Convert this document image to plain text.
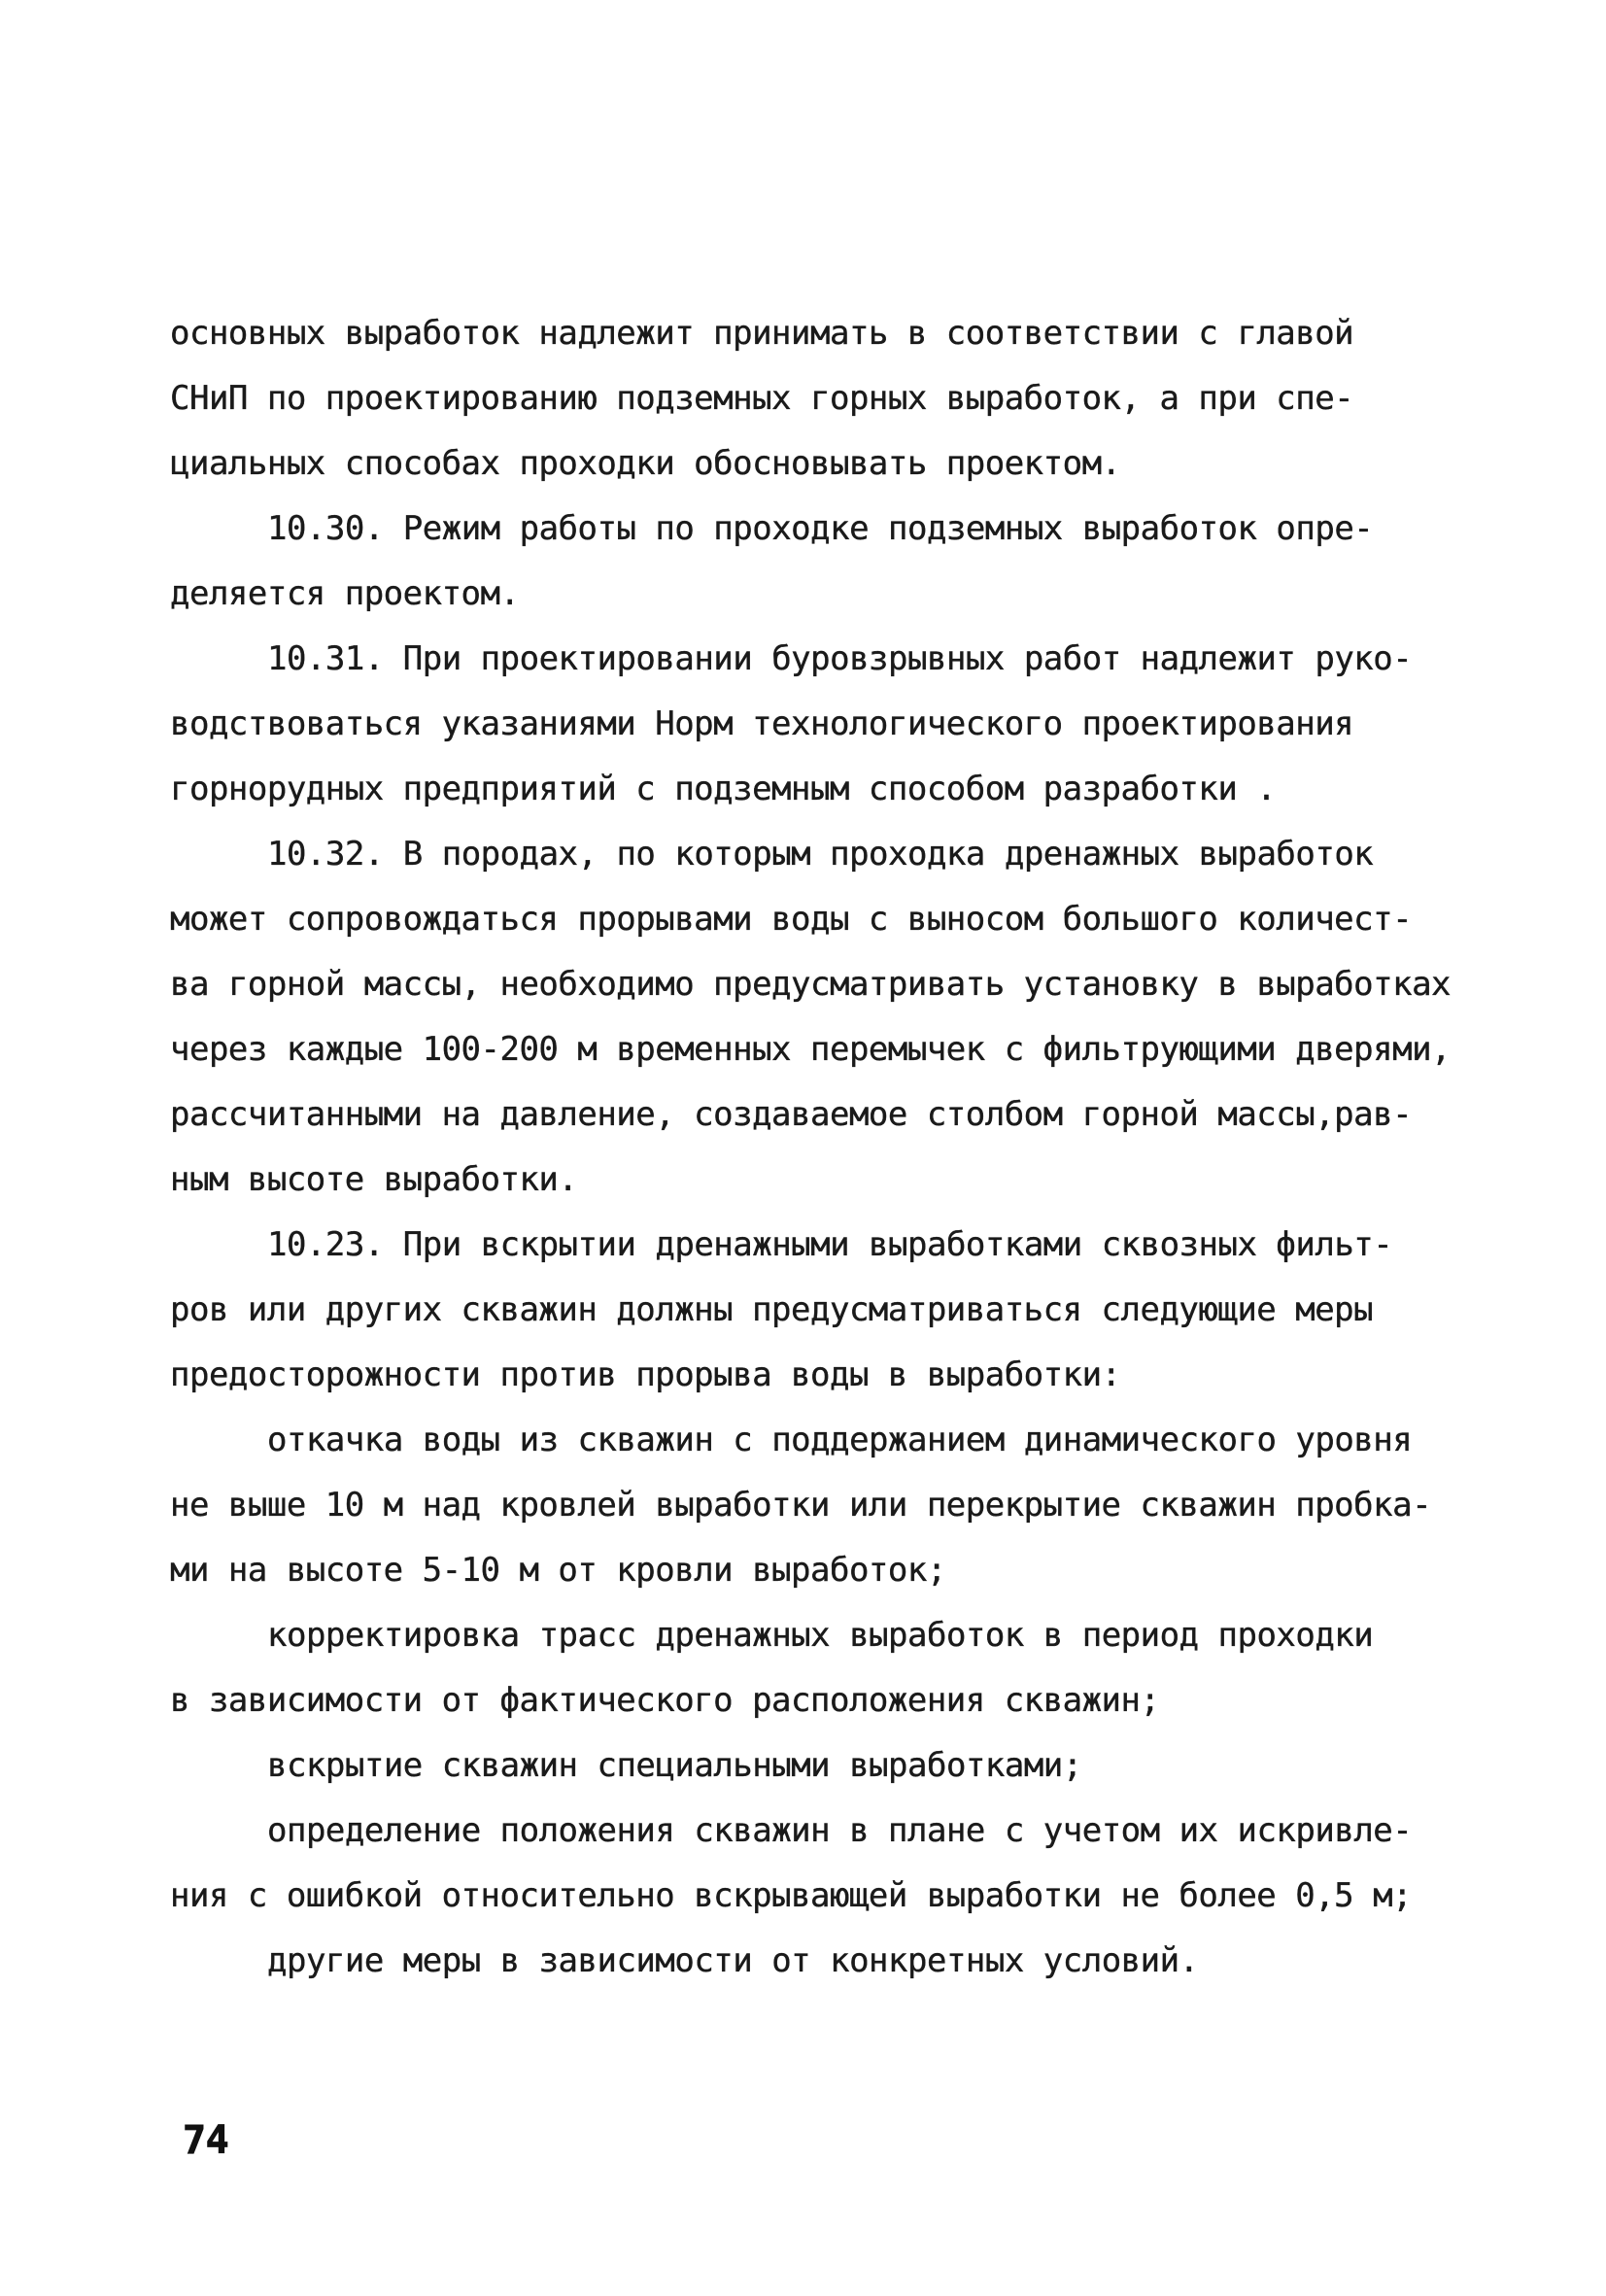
основных выработок надлежит принимать в соответствии с главой
СНиП по проектированию подземных горных выработок, а при спе-
циальных способах проходки обосновывать проектом.
10.30. Режим работы по проходке подземных выработок опре-
деляется проектом.
10.31. При проектировании буровзрывных работ надлежит руко-
водствоваться указаниями Норм технологического проектирования
горнорудных предприятий с подземным способом разработки .
10.32. В породах, по которым проходка дренажных выработок
может сопровождаться прорывами воды с выносом большого количест-
ва горной массы, необходимо предусматривать установку в выработках
через каждые 100-200 м временных перемычек с фильтрующими дверями,
рассчитанными на давление, создаваемое столбом горной массы,рав-
ным высоте выработки.
10.23. При вскрытии дренажными выработками сквозных фильт-
ров или других скважин должны предусматриваться следующие меры
предосторожности против прорыва воды в выработки:
откачка воды из скважин с поддержанием динамического уровня
не выше 10 м над кровлей выработки или перекрытие скважин пробка-
ми на высоте 5-10 м от кровли выработок;
корректировка трасс дренажных выработок в период проходки
в зависимости от фактического расположения скважин;
вскрытие скважин специальными выработками;
определение положения скважин в плане с учетом их искривле-
ния с ошибкой относительно вскрывающей выработки не более 0,5 м;
другие меры в зависимости от конкретных условий.
74
